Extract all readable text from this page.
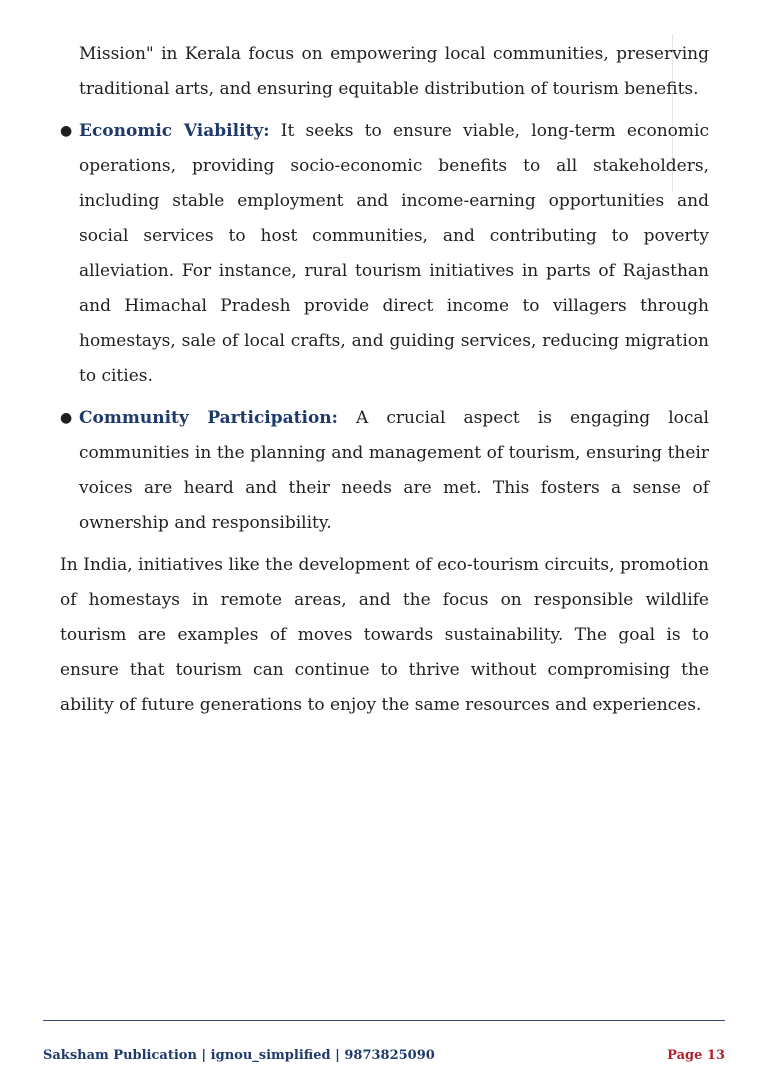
Mission" in Kerala focus on empowering local communities, preserving traditional arts, and ensuring equitable distribution of tourism benefits.

● Economic Viability: It seeks to ensure viable, long-term economic operations, providing socio-economic benefits to all stakeholders, including stable employment and income-earning opportunities and social services to host communities, and contributing to poverty alleviation. For instance, rural tourism initiatives in parts of Rajasthan and Himachal Pradesh provide direct income to villagers through homestays, sale of local crafts, and guiding services, reducing migration to cities.
● Community Participation: A crucial aspect is engaging local communities in the planning and management of tourism, ensuring their voices are heard and their needs are met. This fosters a sense of ownership and responsibility.

In India, initiatives like the development of eco-tourism circuits, promotion of homestays in remote areas, and the focus on responsible wildlife tourism are examples of moves towards sustainability. The goal is to ensure that tourism can continue to thrive without compromising the ability of future generations to enjoy the same resources and experiences.

Saksham Publication | ignou_simplified | 9873825090	Page 13
